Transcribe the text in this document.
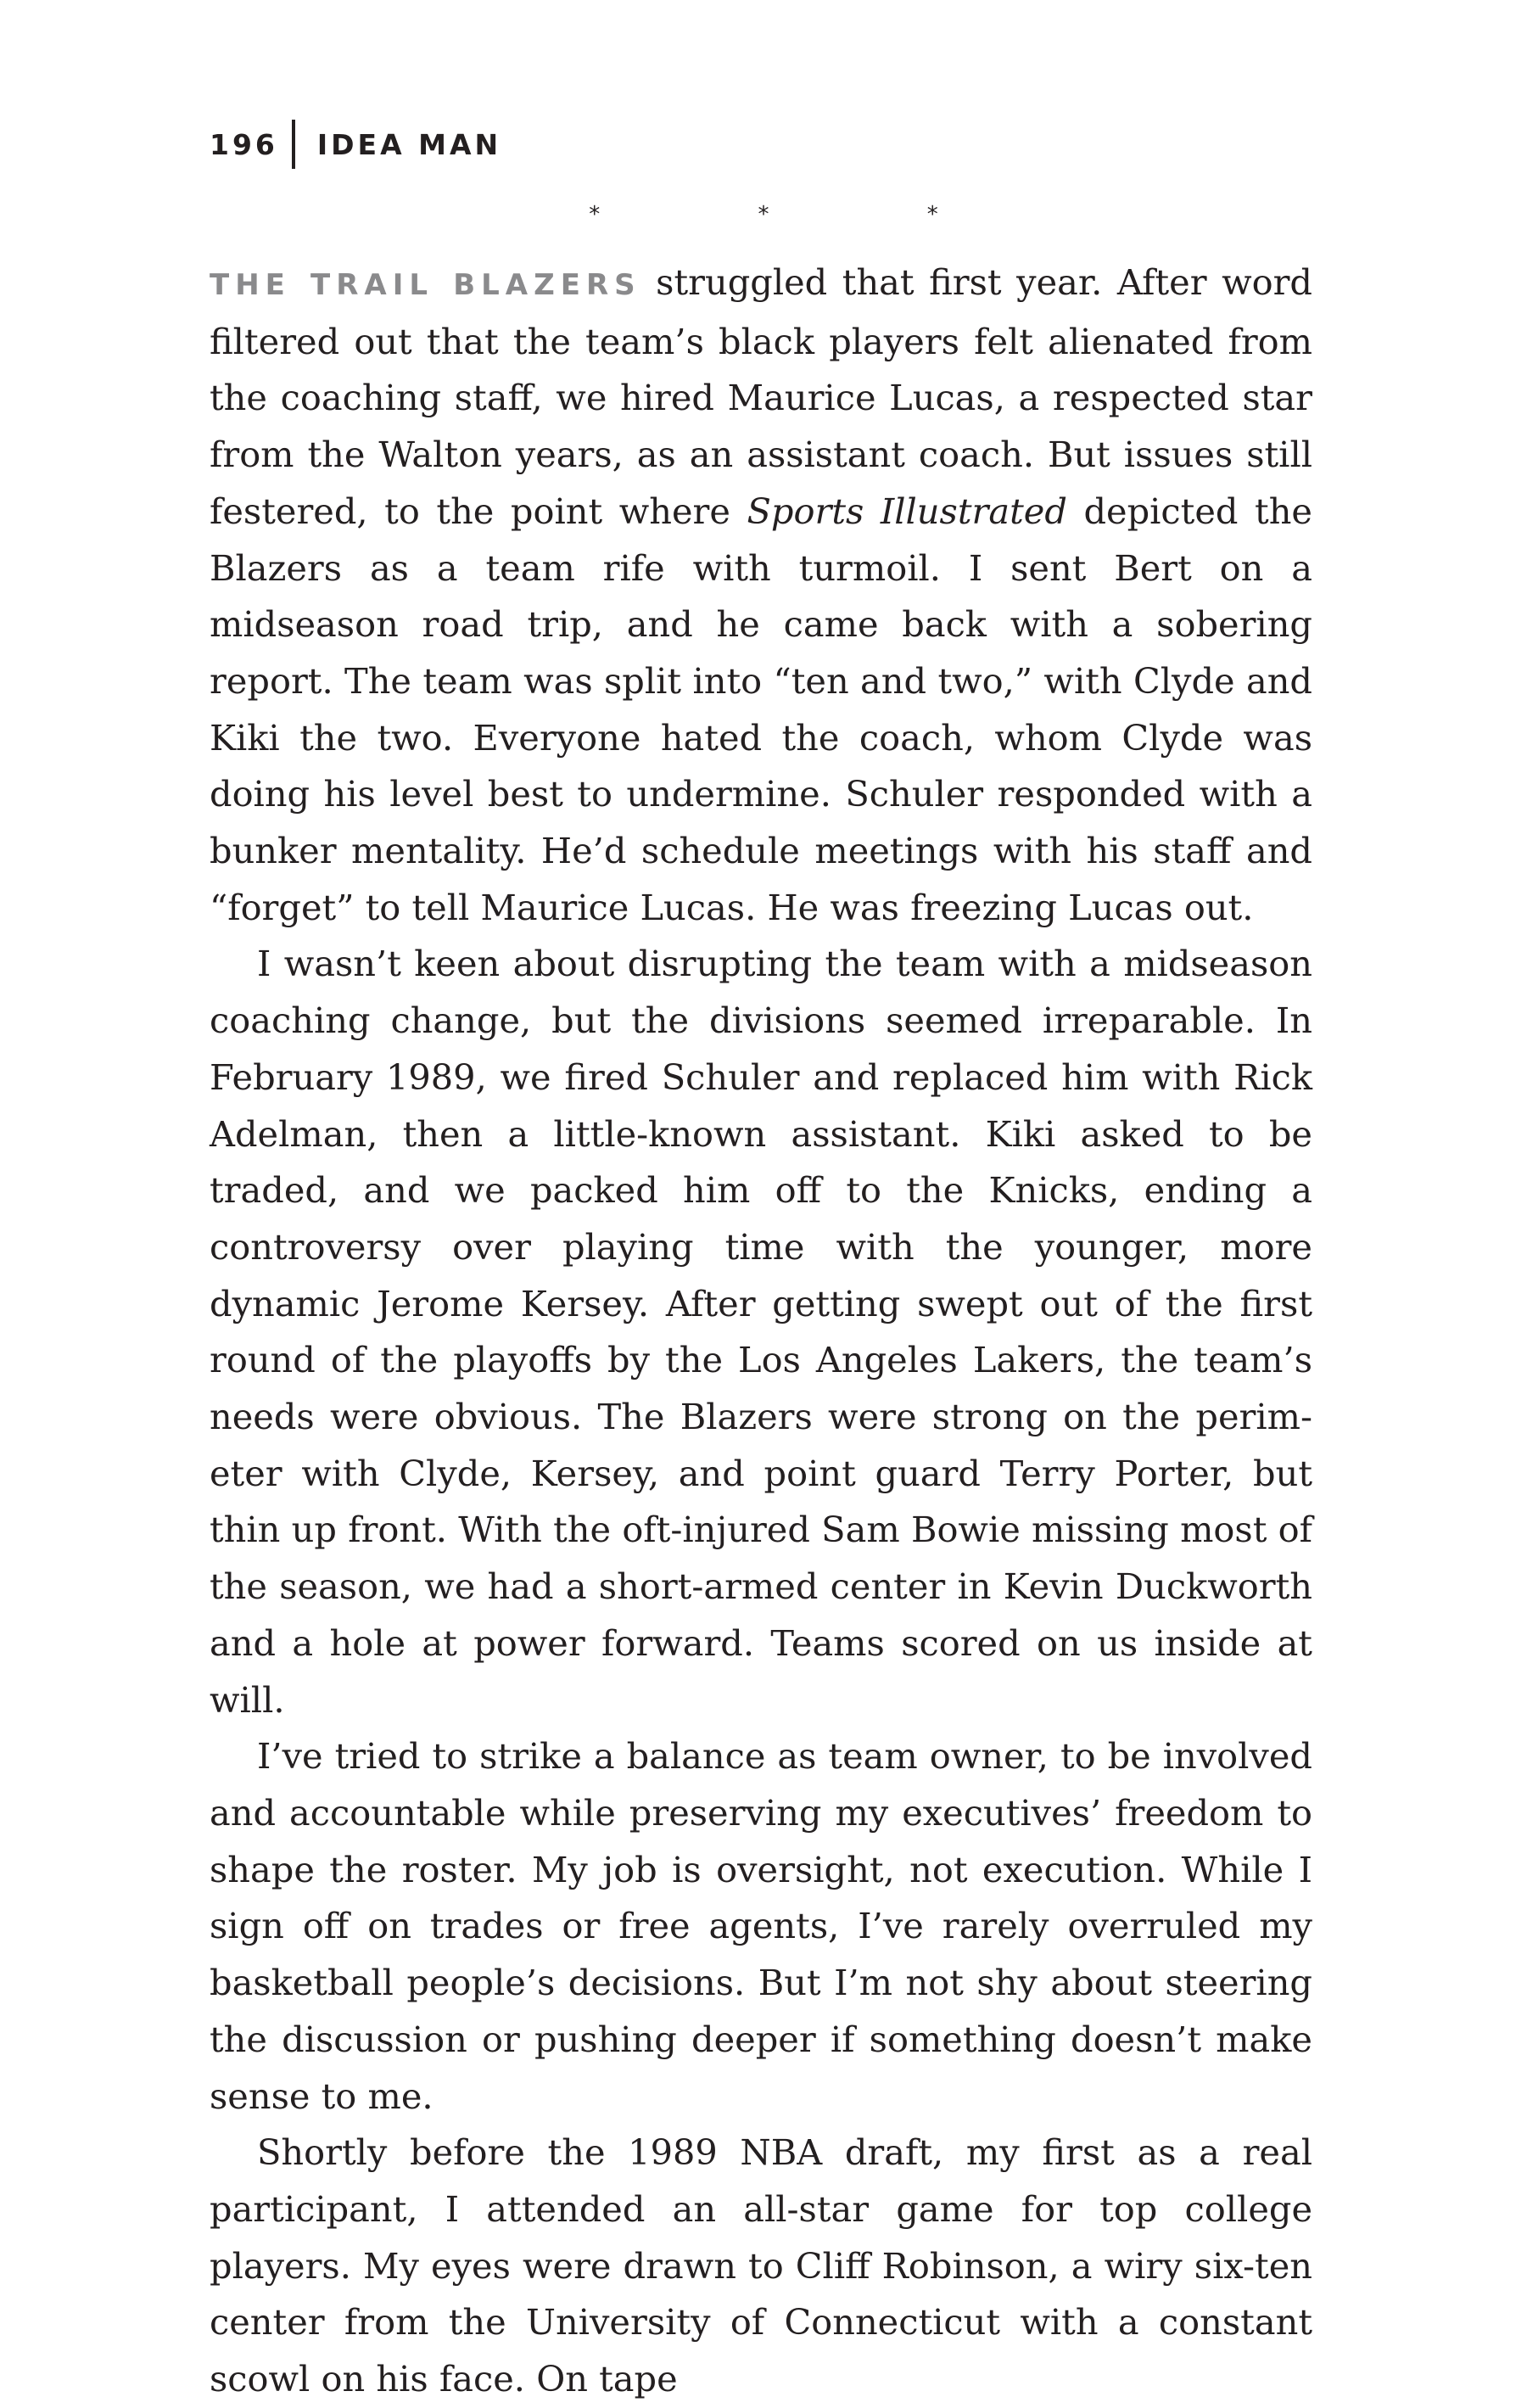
196	IDEA MAN
*	*	*

THE TRAIL BLAZERS struggled that first year. After word filtered out that the team’s black players felt alienated from the coaching staff, we hired Maurice Lucas, a respected star from the Walton years, as an assistant coach. But issues still festered, to the point where Sports Illustrated depicted the Blazers as a team rife with turmoil. I sent Bert on a midseason road trip, and he came back with a sobering report. The team was split into “ten and two,” with Clyde and Kiki the two. Everyone hated the coach, whom Clyde was doing his level best to undermine. Schuler responded with a bunker mentality. He’d schedule meetings with his staff and “forget” to tell Maurice Lucas. He was freezing Lucas out.

I wasn’t keen about disrupting the team with a midseason coaching change, but the divisions seemed irreparable. In February 1989, we fired Schuler and replaced him with Rick Adelman, then a little-known assistant. Kiki asked to be traded, and we packed him off to the Knicks, ending a controversy over playing time with the younger, more dynamic Jerome Kersey. After getting swept out of the first round of the playoffs by the Los Angeles Lakers, the team’s needs were obvious. The Blazers were strong on the perimeter with Clyde, Kersey, and point guard Terry Porter, but thin up front. With the oft-injured Sam Bowie missing most of the season, we had a short-armed center in Kevin Duckworth and a hole at power forward. Teams scored on us inside at will.

I’ve tried to strike a balance as team owner, to be involved and accountable while preserving my executives’ freedom to shape the roster. My job is oversight, not execution. While I sign off on trades or free agents, I’ve rarely overruled my basketball people’s decisions. But I’m not shy about steering the discussion or pushing deeper if something doesn’t make sense to me.

Shortly before the 1989 NBA draft, my first as a real participant, I attended an all-star game for top college players. My eyes were drawn to Cliff Robinson, a wiry six-ten center from the University of Connecticut with a constant scowl on his face. On tape
